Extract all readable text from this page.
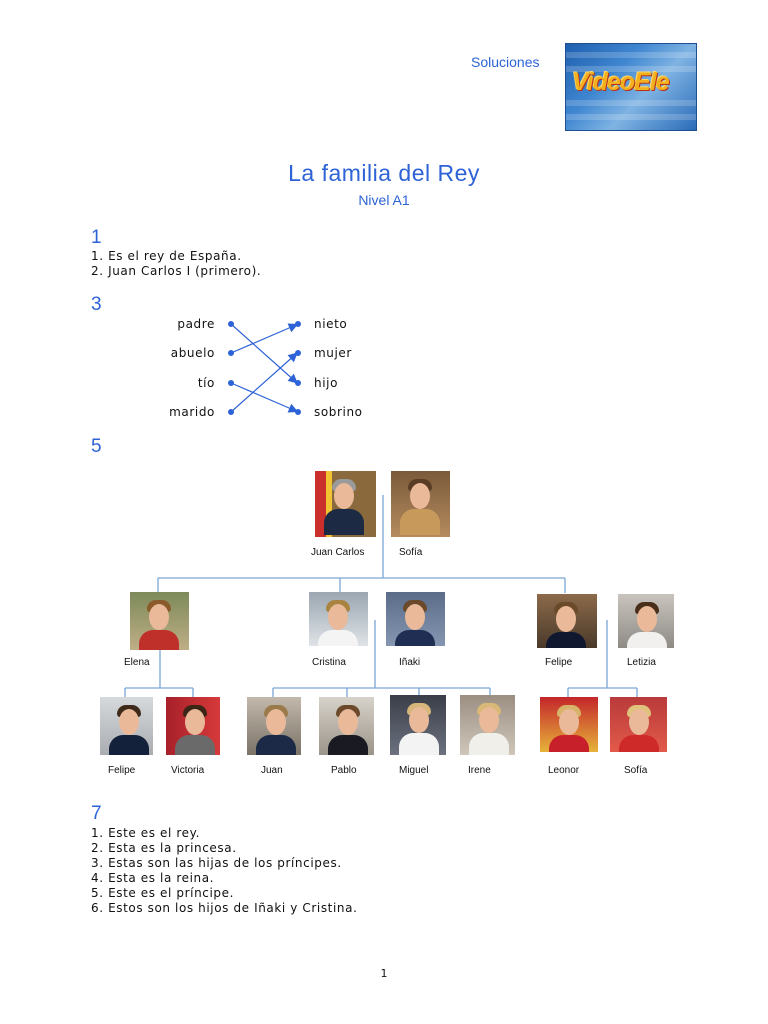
Soluciones
VideoEle
La familia del Rey
Nivel A1
1
1. Es el rey de España.
2. Juan Carlos I (primero).
3
padre
abuelo
tío
marido
nieto
mujer
hijo
sobrino
5
Juan Carlos	Sofía
Elena	Cristina	Iñaki	Felipe	Letizia
Felipe	Victoria	Juan	Pablo	Miguel	Irene	Leonor	Sofía
7
1. Este es el rey.
2. Esta es la princesa.
3. Estas son las hijas de los príncipes.
4. Esta es la reina.
5. Este es el príncipe.
6. Estos son los hijos de Iñaki y Cristina.
1
